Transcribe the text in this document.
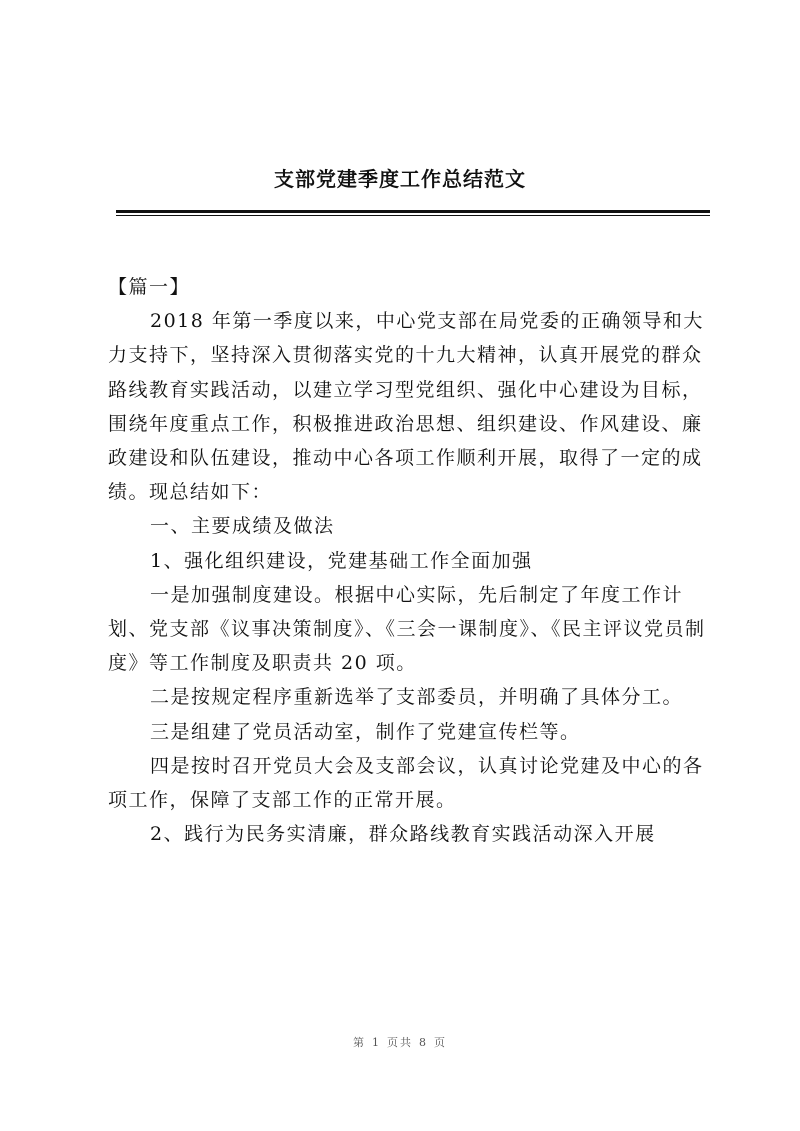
支部党建季度工作总结范文

【篇一】

2018 年第一季度以来，中心党支部在局党委的正确领导和大力支持下，坚持深入贯彻落实党的十九大精神，认真开展党的群众路线教育实践活动，以建立学习型党组织、强化中心建设为目标，围绕年度重点工作，积极推进政治思想、组织建设、作风建设、廉政建设和队伍建设，推动中心各项工作顺利开展，取得了一定的成绩。现总结如下：

一、主要成绩及做法

1、强化组织建设，党建基础工作全面加强

一是加强制度建设。根据中心实际，先后制定了年度工作计划、党支部《议事决策制度》、《三会一课制度》、《民主评议党员制度》等工作制度及职责共 20 项。

二是按规定程序重新选举了支部委员，并明确了具体分工。

三是组建了党员活动室，制作了党建宣传栏等。

四是按时召开党员大会及支部会议，认真讨论党建及中心的各项工作，保障了支部工作的正常开展。

2、践行为民务实清廉，群众路线教育实践活动深入开展

第 1 页共 8 页
